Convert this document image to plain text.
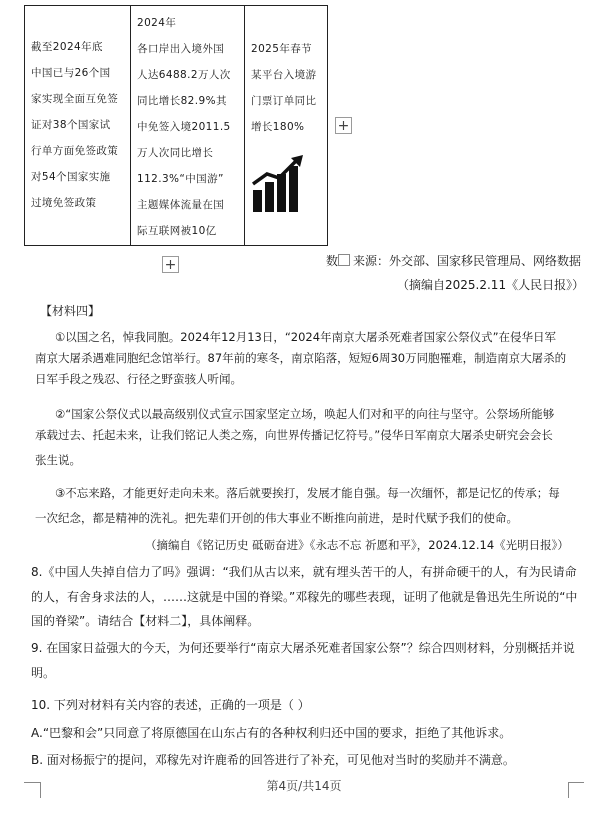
截至2024年底
中国已与26个国
家实现全面互免签
证对38个国家试
行单方面免签政策
对54个国家实施
过境免签政策

2024年
各口岸出入境外国
人达6488.2万人次
同比增长82.9%其
中免签入境2011.5
万人次同比增长
112.3%“中国游”
主题媒体流量在国
际互联网被10亿

2025年春节
某平台入境游
门票订单同比
增长180%	+
+	数 来源：外交部、国家移民管理局、网络数据
（摘编自2025.2.11《人民日报》）
【材料四】
①以国之名，悼我同胞。2024年12月13日，“2024年南京大屠杀死难者国家公祭仪式”在侵华日军
南京大屠杀遇难同胞纪念馆举行。87年前的寒冬，南京陷落，短短6周30万同胞罹难，制造南京大屠杀的
日军手段之残忍、行径之野蛮骇人听闻。
②“国家公祭仪式以最高级别仪式宣示国家坚定立场，唤起人们对和平的向往与坚守。公祭场所能够
承载过去、托起未来，让我们铭记人类之殇，向世界传播记忆符号。”侵华日军南京大屠杀史研究会会长
张生说。
③不忘来路，才能更好走向未来。落后就要挨打，发展才能自强。每一次缅怀，都是记忆的传承；每
一次纪念，都是精神的洗礼。把先辈们开创的伟大事业不断推向前进，是时代赋予我们的使命。
（摘编自《铭记历史 砥砺奋进》《永志不忘 祈愿和平》，2024.12.14《光明日报》）
8.《中国人失掉自信力了吗》强调：“我们从古以来，就有埋头苦干的人，有拼命硬干的人，有为民请命
的人，有舍身求法的人，……这就是中国的脊梁。”邓稼先的哪些表现，证明了他就是鲁迅先生所说的“中
国的脊梁”。请结合【材料二】，具体阐释。
9. 在国家日益强大的今天，为何还要举行“南京大屠杀死难者国家公祭”？综合四则材料，分别概括并说
明。
10. 下列对材料有关内容的表述，正确的一项是（ ）
A.“巴黎和会”只同意了将原德国在山东占有的各种权利归还中国的要求，拒绝了其他诉求。
B. 面对杨振宁的提问，邓稼先对许鹿希的回答进行了补充，可见他对当时的奖励并不满意。
第4页/共14页
